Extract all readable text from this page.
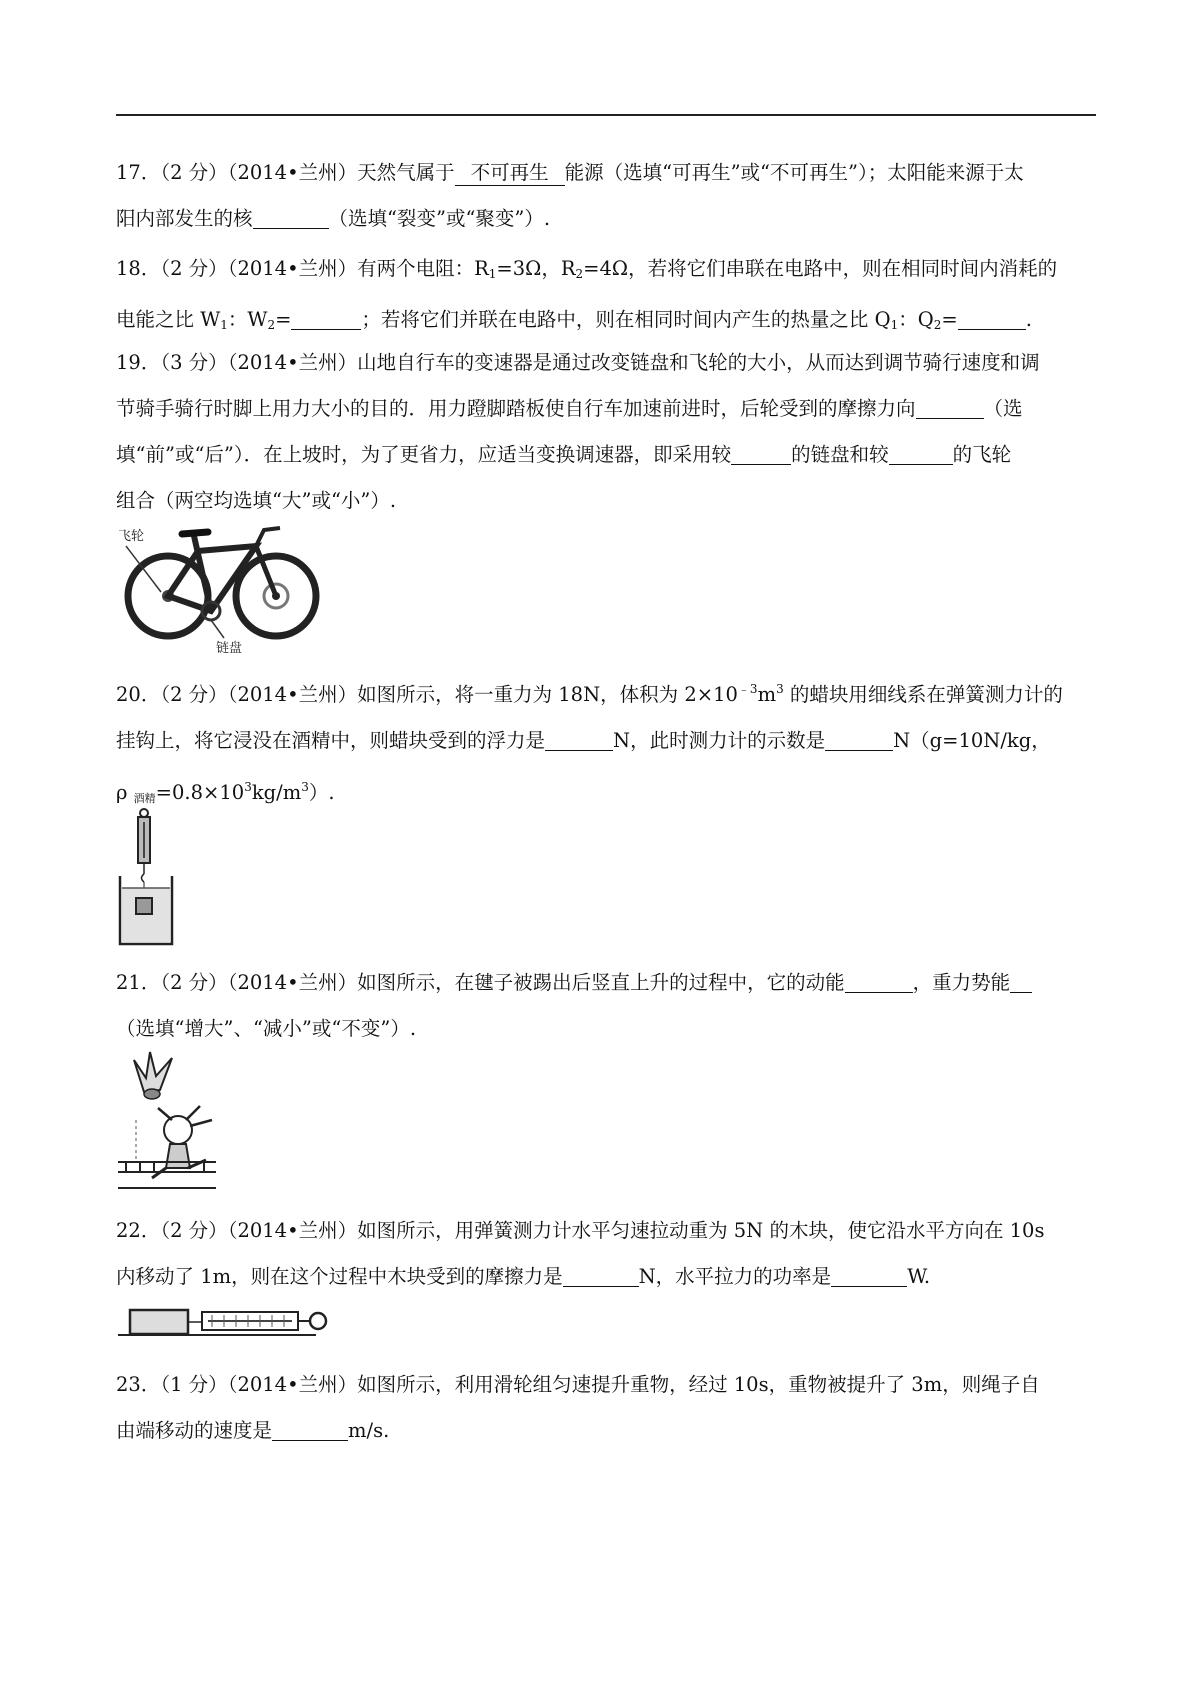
17．（2 分）（2014•兰州）天然气属于 不可再生 能源（选填“可再生”或“不可再生”）；太阳能来源于太

阳内部发生的核	（选填“裂变”或“聚变”）.

18．（2 分）（2014•兰州）有两个电阻：$R_1=3\Omega$，$R_2=4\Omega$，若将它们串联在电路中，则在相同时间内消耗的

电能之比 $W_1$：$W_2=$	；若将它们并联在电路中，则在相同时间内产生的热量之比 $Q_1$：$Q_2=$	.

19．（3 分）（2014•兰州）山地自行车的变速器是通过改变链盘和飞轮的大小，从而达到调节骑行速度和调

节骑手骑行时脚上用力大小的目的．用力蹬脚踏板使自行车加速前进时，后轮受到的摩擦力向	（选

填“前”或“后”）．在上坡时，为了更省力，应适当变换调速器，即采用较	的链盘和较	的飞轮

组合（两空均选填“大”或“小”）.

飞轮
链盘

20．（2 分）（2014•兰州）如图所示，将一重力为 18N，体积为 $2\times 10^{﹣3}m^3$ 的蜡块用细线系在弹簧测力计的

挂钩上，将它浸没在酒精中，则蜡块受到的浮力是	N，此时测力计的示数是	N（g=10N/kg，

ρ $_{酒精}=0.8\times 10^3kg/m^3$）.

21．（2 分）（2014•兰州）如图所示，在毽子被踢出后竖直上升的过程中，它的动能	，重力势能

（选填“增大”、“减小”或“不变”）.

22．（2 分）（2014•兰州）如图所示，用弹簧测力计水平匀速拉动重为 5N 的木块，使它沿水平方向在 10s

内移动了 1m，则在这个过程中木块受到的摩擦力是	N，水平拉力的功率是	W.

23．（1 分）（2014•兰州）如图所示，利用滑轮组匀速提升重物，经过 10s，重物被提升了 3m，则绳子自

由端移动的速度是	m/s.
